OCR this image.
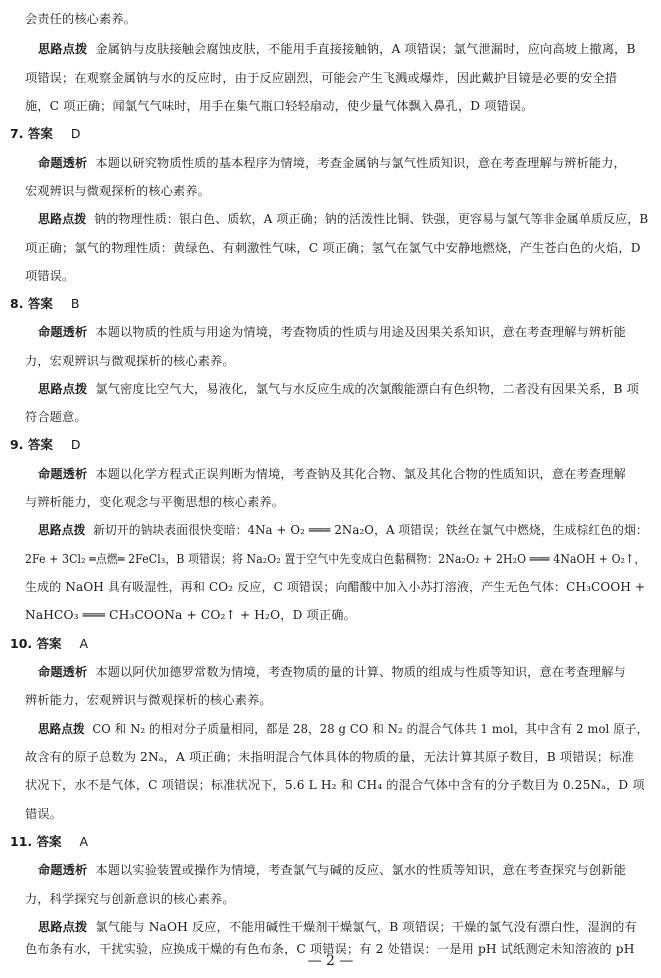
会责任的核心素养。
思路点拨 金属钠与皮肤接触会腐蚀皮肤，不能用手直接接触钠，A 项错误；氯气泄漏时，应向高坡上撤离，B
项错误；在观察金属钠与水的反应时，由于反应剧烈，可能会产生飞溅或爆炸，因此戴护目镜是必要的安全措
施，C 项正确；闻氯气气味时，用手在集气瓶口轻轻扇动，使少量气体飘入鼻孔，D 项错误。
7. 答案 D
命题透析 本题以研究物质性质的基本程序为情境，考查金属钠与氯气性质知识，意在考查理解与辨析能力，
宏观辨识与微观探析的核心素养。
思路点拨 钠的物理性质：银白色、质软，A 项正确；钠的活泼性比铜、铁强，更容易与氯气等非金属单质反应，B
项正确；氯气的物理性质：黄绿色、有刺激性气味，C 项正确；氢气在氯气中安静地燃烧，产生苍白色的火焰，D
项错误。
8. 答案 B
命题透析 本题以物质的性质与用途为情境，考查物质的性质与用途及因果关系知识，意在考查理解与辨析能
力，宏观辨识与微观探析的核心素养。
思路点拨 氯气密度比空气大，易液化，氯气与水反应生成的次氯酸能漂白有色织物，二者没有因果关系，B 项
符合题意。
9. 答案 D
命题透析 本题以化学方程式正误判断为情境，考查钠及其化合物、氯及其化合物的性质知识，意在考查理解
与辨析能力，变化观念与平衡思想的核心素养。
思路点拨 新切开的钠块表面很快变暗：4Na + O₂ ═══ 2Na₂O，A 项错误；铁丝在氯气中燃烧，生成棕红色的烟：
2Fe + 3Cl₂ ═点燃═ 2FeCl₃，B 项错误；将 Na₂O₂ 置于空气中先变成白色黏稠物：2Na₂O₂ + 2H₂O ═══ 4NaOH + O₂↑，
生成的 NaOH 具有吸湿性，再和 CO₂ 反应，C 项错误；向醋酸中加入小苏打溶液，产生无色气体：CH₃COOH +
NaHCO₃ ═══ CH₃COONa + CO₂↑ + H₂O，D 项正确。
10. 答案 A
命题透析 本题以阿伏加德罗常数为情境，考查物质的量的计算、物质的组成与性质等知识，意在考查理解与
辨析能力，宏观辨识与微观探析的核心素养。
思路点拨 CO 和 N₂ 的相对分子质量相同，都是 28，28 g CO 和 N₂ 的混合气体共 1 mol，其中含有 2 mol 原子，
故含有的原子总数为 2Nₐ，A 项正确；未指明混合气体具体的物质的量，无法计算其原子数目，B 项错误；标准
状况下，水不是气体，C 项错误；标准状况下，5.6 L H₂ 和 CH₄ 的混合气体中含有的分子数目为 0.25Nₐ，D 项
错误。
11. 答案 A
命题透析 本题以实验装置或操作为情境，考查氯气与碱的反应、氯水的性质等知识，意在考查探究与创新能
力，科学探究与创新意识的核心素养。
思路点拨 氯气能与 NaOH 反应，不能用碱性干燥剂干燥氯气，B 项错误；干燥的氯气没有漂白性，湿润的有
色布条有水，干扰实验，应换成干燥的有色布条，C 项错误；有 2 处错误：一是用 pH 试纸测定未知溶液的 pH
— 2 —
